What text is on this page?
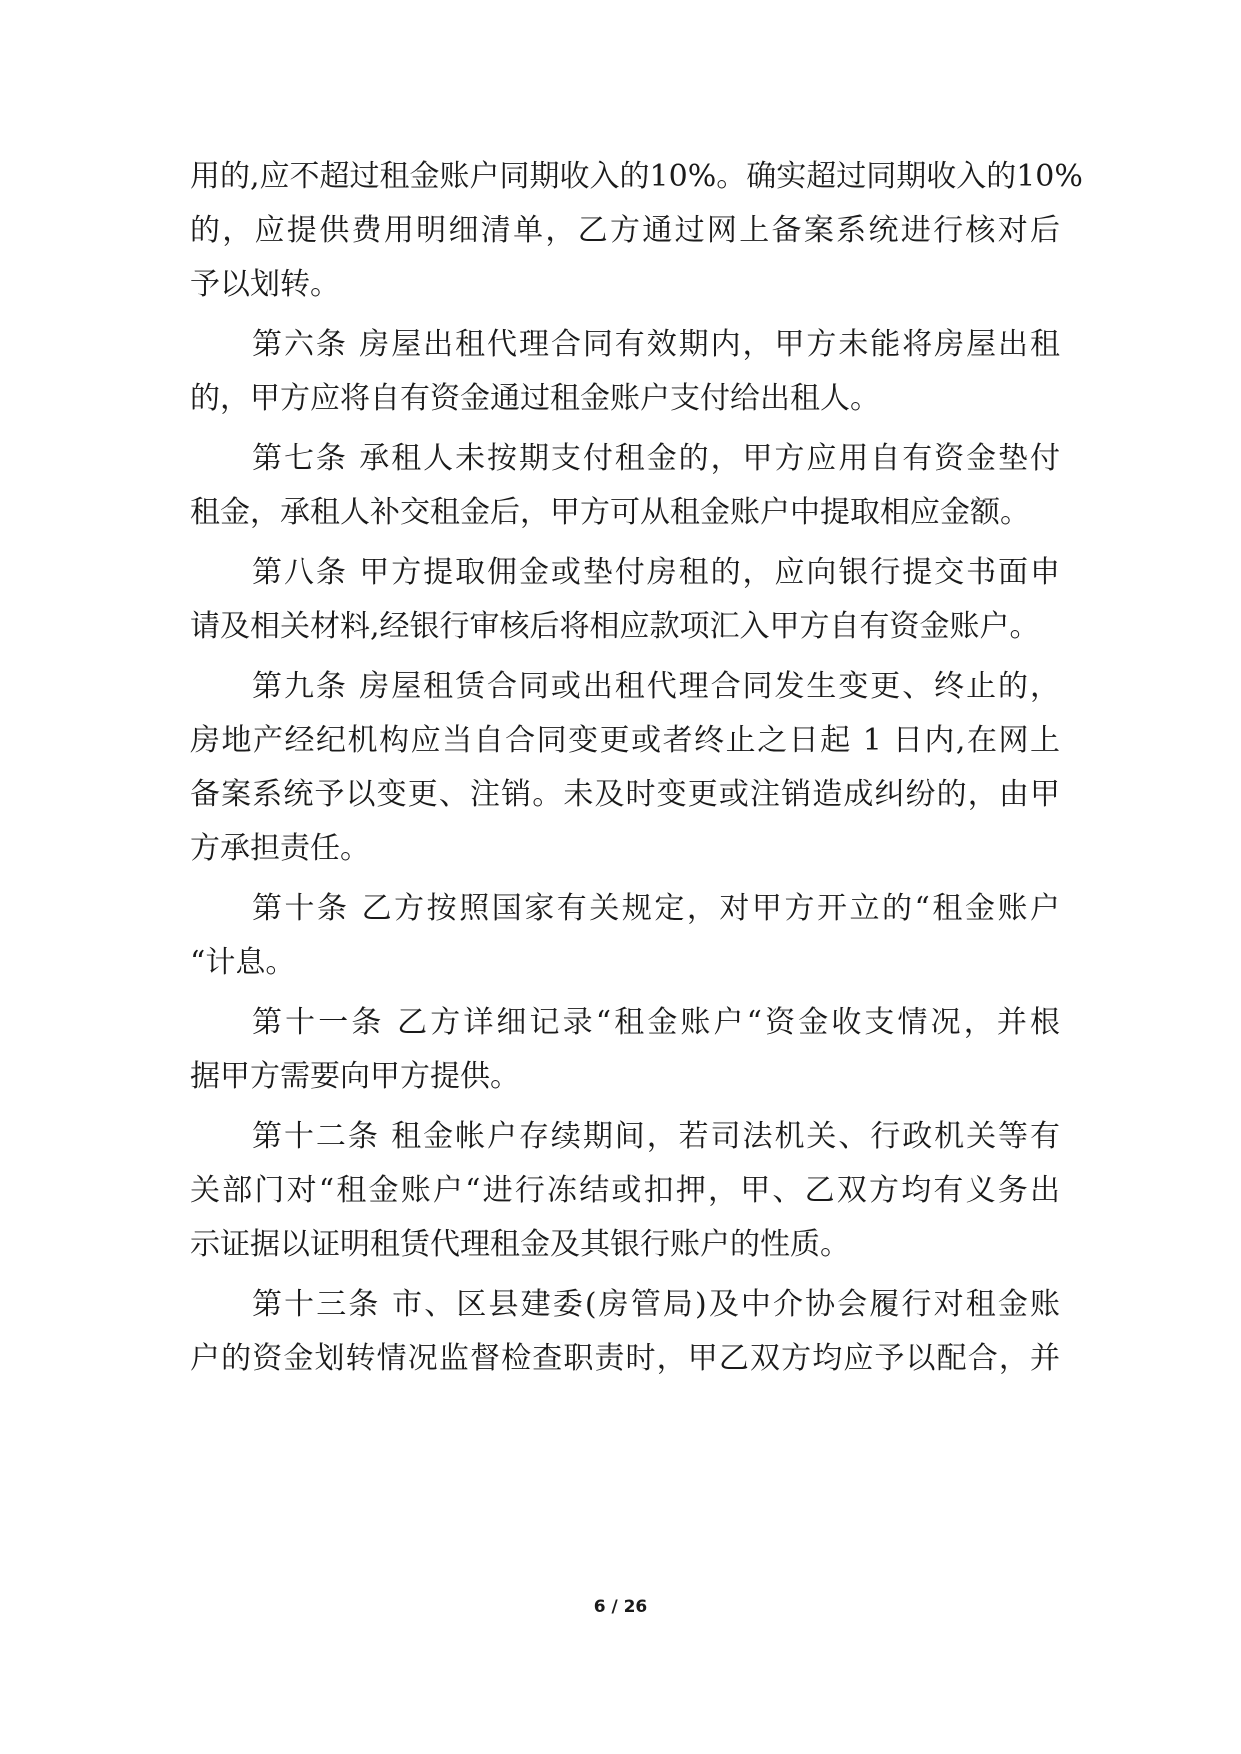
用的,应不超过租金账户同期收入的10%。确实超过同期收入的10%
的，应提供费用明细清单，乙方通过网上备案系统进行核对后
予以划转。
第六条 房屋出租代理合同有效期内，甲方未能将房屋出租
的，甲方应将自有资金通过租金账户支付给出租人。
第七条 承租人未按期支付租金的，甲方应用自有资金垫付
租金，承租人补交租金后，甲方可从租金账户中提取相应金额。
第八条 甲方提取佣金或垫付房租的，应向银行提交书面申
请及相关材料,经银行审核后将相应款项汇入甲方自有资金账户。
第九条 房屋租赁合同或出租代理合同发生变更、终止的，
房地产经纪机构应当自合同变更或者终止之日起 1 日内,在网上
备案系统予以变更、注销。未及时变更或注销造成纠纷的，由甲
方承担责任。
第十条 乙方按照国家有关规定，对甲方开立的“租金账户
“计息。
第十一条 乙方详细记录“租金账户“资金收支情况，并根
据甲方需要向甲方提供。
第十二条 租金帐户存续期间，若司法机关、行政机关等有
关部门对“租金账户“进行冻结或扣押，甲、乙双方均有义务出
示证据以证明租赁代理租金及其银行账户的性质。
第十三条 市、区县建委(房管局)及中介协会履行对租金账
户的资金划转情况监督检查职责时，甲乙双方均应予以配合，并
6 / 26
